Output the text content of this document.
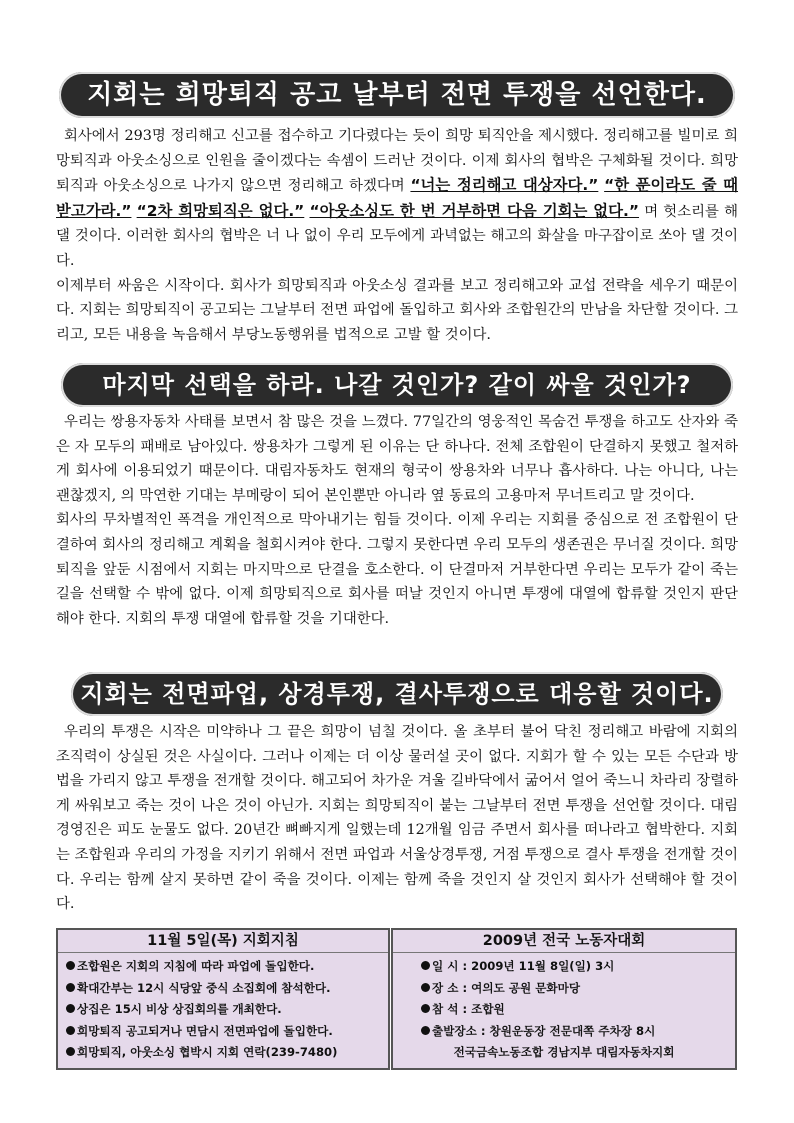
지회는 희망퇴직 공고 날부터 전면 투쟁을 선언한다.

회사에서 293명 정리해고 신고를 접수하고 기다렸다는 듯이 희망 퇴직안을 제시했다. 정리해고를 빌미로 희망퇴직과 아웃소싱으로 인원을 줄이겠다는 속셈이 드러난 것이다. 이제 회사의 협박은 구체화될 것이다. 희망퇴직과 아웃소싱으로 나가지 않으면 정리해고 하겠다며 “너는 정리해고 대상자다.” “한 푼이라도 줄 때 받고가라.” “2차 희망퇴직은 없다.” “아웃소싱도 한 번 거부하면 다음 기회는 없다.” 며 헛소리를 해 댈 것이다. 이러한 회사의 협박은 너 나 없이 우리 모두에게 과녁없는 해고의 화살을 마구잡이로 쏘아 댈 것이다.

이제부터 싸움은 시작이다. 회사가 희망퇴직과 아웃소싱 결과를 보고 정리해고와 교섭 전략을 세우기 때문이다. 지회는 희망퇴직이 공고되는 그날부터 전면 파업에 돌입하고 회사와 조합원간의 만남을 차단할 것이다. 그리고, 모든 내용을 녹음해서 부당노동행위를 법적으로 고발 할 것이다.

마지막 선택을 하라. 나갈 것인가? 같이 싸울 것인가?

우리는 쌍용자동차 사태를 보면서 참 많은 것을 느꼈다. 77일간의 영웅적인 목숨건 투쟁을 하고도 산자와 죽은 자 모두의 패배로 남아있다. 쌍용차가 그렇게 된 이유는 단 하나다. 전체 조합원이 단결하지 못했고 철저하게 회사에 이용되었기 때문이다. 대림자동차도 현재의 형국이 쌍용차와 너무나 흡사하다. 나는 아니다, 나는 괜찮겠지, 의 막연한 기대는 부메랑이 되어 본인뿐만 아니라 옆 동료의 고용마저 무너트리고 말 것이다.

회사의 무차별적인 폭격을 개인적으로 막아내기는 힘들 것이다. 이제 우리는 지회를 중심으로 전 조합원이 단결하여 회사의 정리해고 계획을 철회시켜야 한다. 그렇지 못한다면 우리 모두의 생존권은 무너질 것이다. 희망퇴직을 앞둔 시점에서 지회는 마지막으로 단결을 호소한다. 이 단결마저 거부한다면 우리는 모두가 같이 죽는 길을 선택할 수 밖에 없다. 이제 희망퇴직으로 회사를 떠날 것인지 아니면 투쟁에 대열에 합류할 것인지 판단해야 한다. 지회의 투쟁 대열에 합류할 것을 기대한다.

지회는 전면파업, 상경투쟁, 결사투쟁으로 대응할 것이다.

우리의 투쟁은 시작은 미약하나 그 끝은 희망이 넘칠 것이다. 올 초부터 불어 닥친 정리해고 바람에 지회의 조직력이 상실된 것은 사실이다. 그러나 이제는 더 이상 물러설 곳이 없다. 지회가 할 수 있는 모든 수단과 방법을 가리지 않고 투쟁을 전개할 것이다. 해고되어 차가운 겨울 길바닥에서 굶어서 얼어 죽느니 차라리 장렬하게 싸워보고 죽는 것이 나은 것이 아닌가. 지회는 희망퇴직이 붙는 그날부터 전면 투쟁을 선언할 것이다. 대림 경영진은 피도 눈물도 없다. 20년간 뼈빠지게 일했는데 12개월 임금 주면서 회사를 떠나라고 협박한다. 지회는 조합원과 우리의 가정을 지키기 위해서 전면 파업과 서울상경투쟁, 거점 투쟁으로 결사 투쟁을 전개할 것이다. 우리는 함께 살지 못하면 같이 죽을 것이다. 이제는 함께 죽을 것인지 살 것인지 회사가 선택해야 할 것이다.

11월 5일(목) 지회지침
조합원은 지회의 지침에 따라 파업에 돌입한다.
확대간부는 12시 식당앞 중식 소집회에 참석한다.
상집은 15시 비상 상집회의를 개최한다.
희망퇴직 공고되거나 면담시 전면파업에 돌입한다.
희망퇴직, 아웃소싱 협박시 지회 연락(239-7480)
2009년 전국 노동자대회
일 시 : 2009년 11월 8일(일) 3시
장 소 : 여의도 공원 문화마당
참 석 : 조합원
출발장소 : 창원운동장 전문대쪽 주차장 8시
전국금속노동조합 경남지부 대림자동차지회
